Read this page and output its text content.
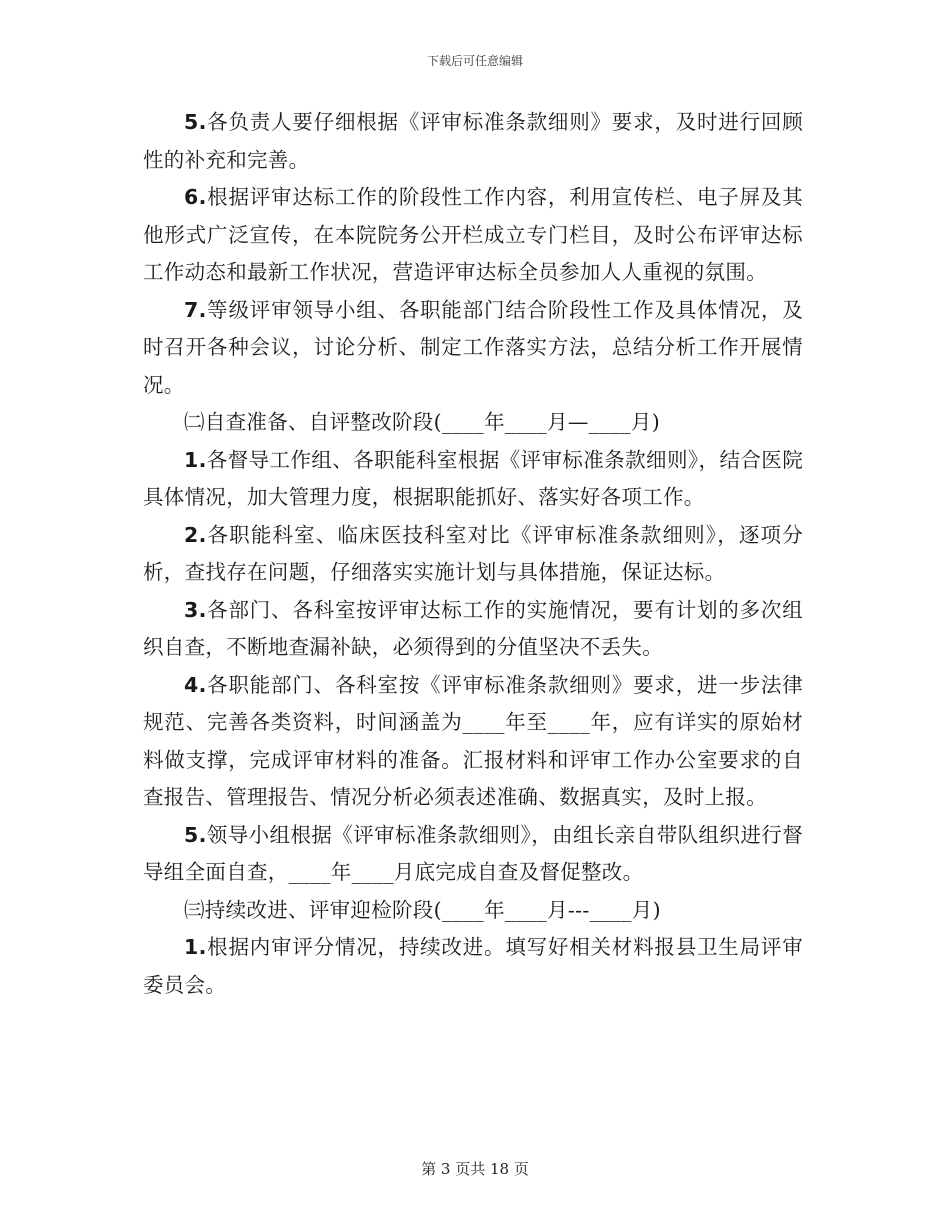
下载后可任意编辑

5.各负责人要仔细根据《评审标准条款细则》要求，及时进行回顾性的补充和完善。

6.根据评审达标工作的阶段性工作内容，利用宣传栏、电子屏及其他形式广泛宣传，在本院院务公开栏成立专门栏目，及时公布评审达标工作动态和最新工作状况，营造评审达标全员参加人人重视的氛围。

7.等级评审领导小组、各职能部门结合阶段性工作及具体情况，及时召开各种会议，讨论分析、制定工作落实方法，总结分析工作开展情况。

㈡自查准备、自评整改阶段(____年____月—____月)

1.各督导工作组、各职能科室根据《评审标准条款细则》，结合医院具体情况，加大管理力度，根据职能抓好、落实好各项工作。

2.各职能科室、临床医技科室对比《评审标准条款细则》，逐项分析，查找存在问题，仔细落实实施计划与具体措施，保证达标。

3.各部门、各科室按评审达标工作的实施情况，要有计划的多次组织自查，不断地查漏补缺，必须得到的分值坚决不丢失。

4.各职能部门、各科室按《评审标准条款细则》要求，进一步法律规范、完善各类资料，时间涵盖为____年至____年，应有详实的原始材料做支撑，完成评审材料的准备。汇报材料和评审工作办公室要求的自查报告、管理报告、情况分析必须表述准确、数据真实，及时上报。

5.领导小组根据《评审标准条款细则》，由组长亲自带队组织进行督导组全面自查，____年____月底完成自查及督促整改。

㈢持续改进、评审迎检阶段(____年____月---____月)

1.根据内审评分情况，持续改进。填写好相关材料报县卫生局评审委员会。

第 3 页共 18 页
